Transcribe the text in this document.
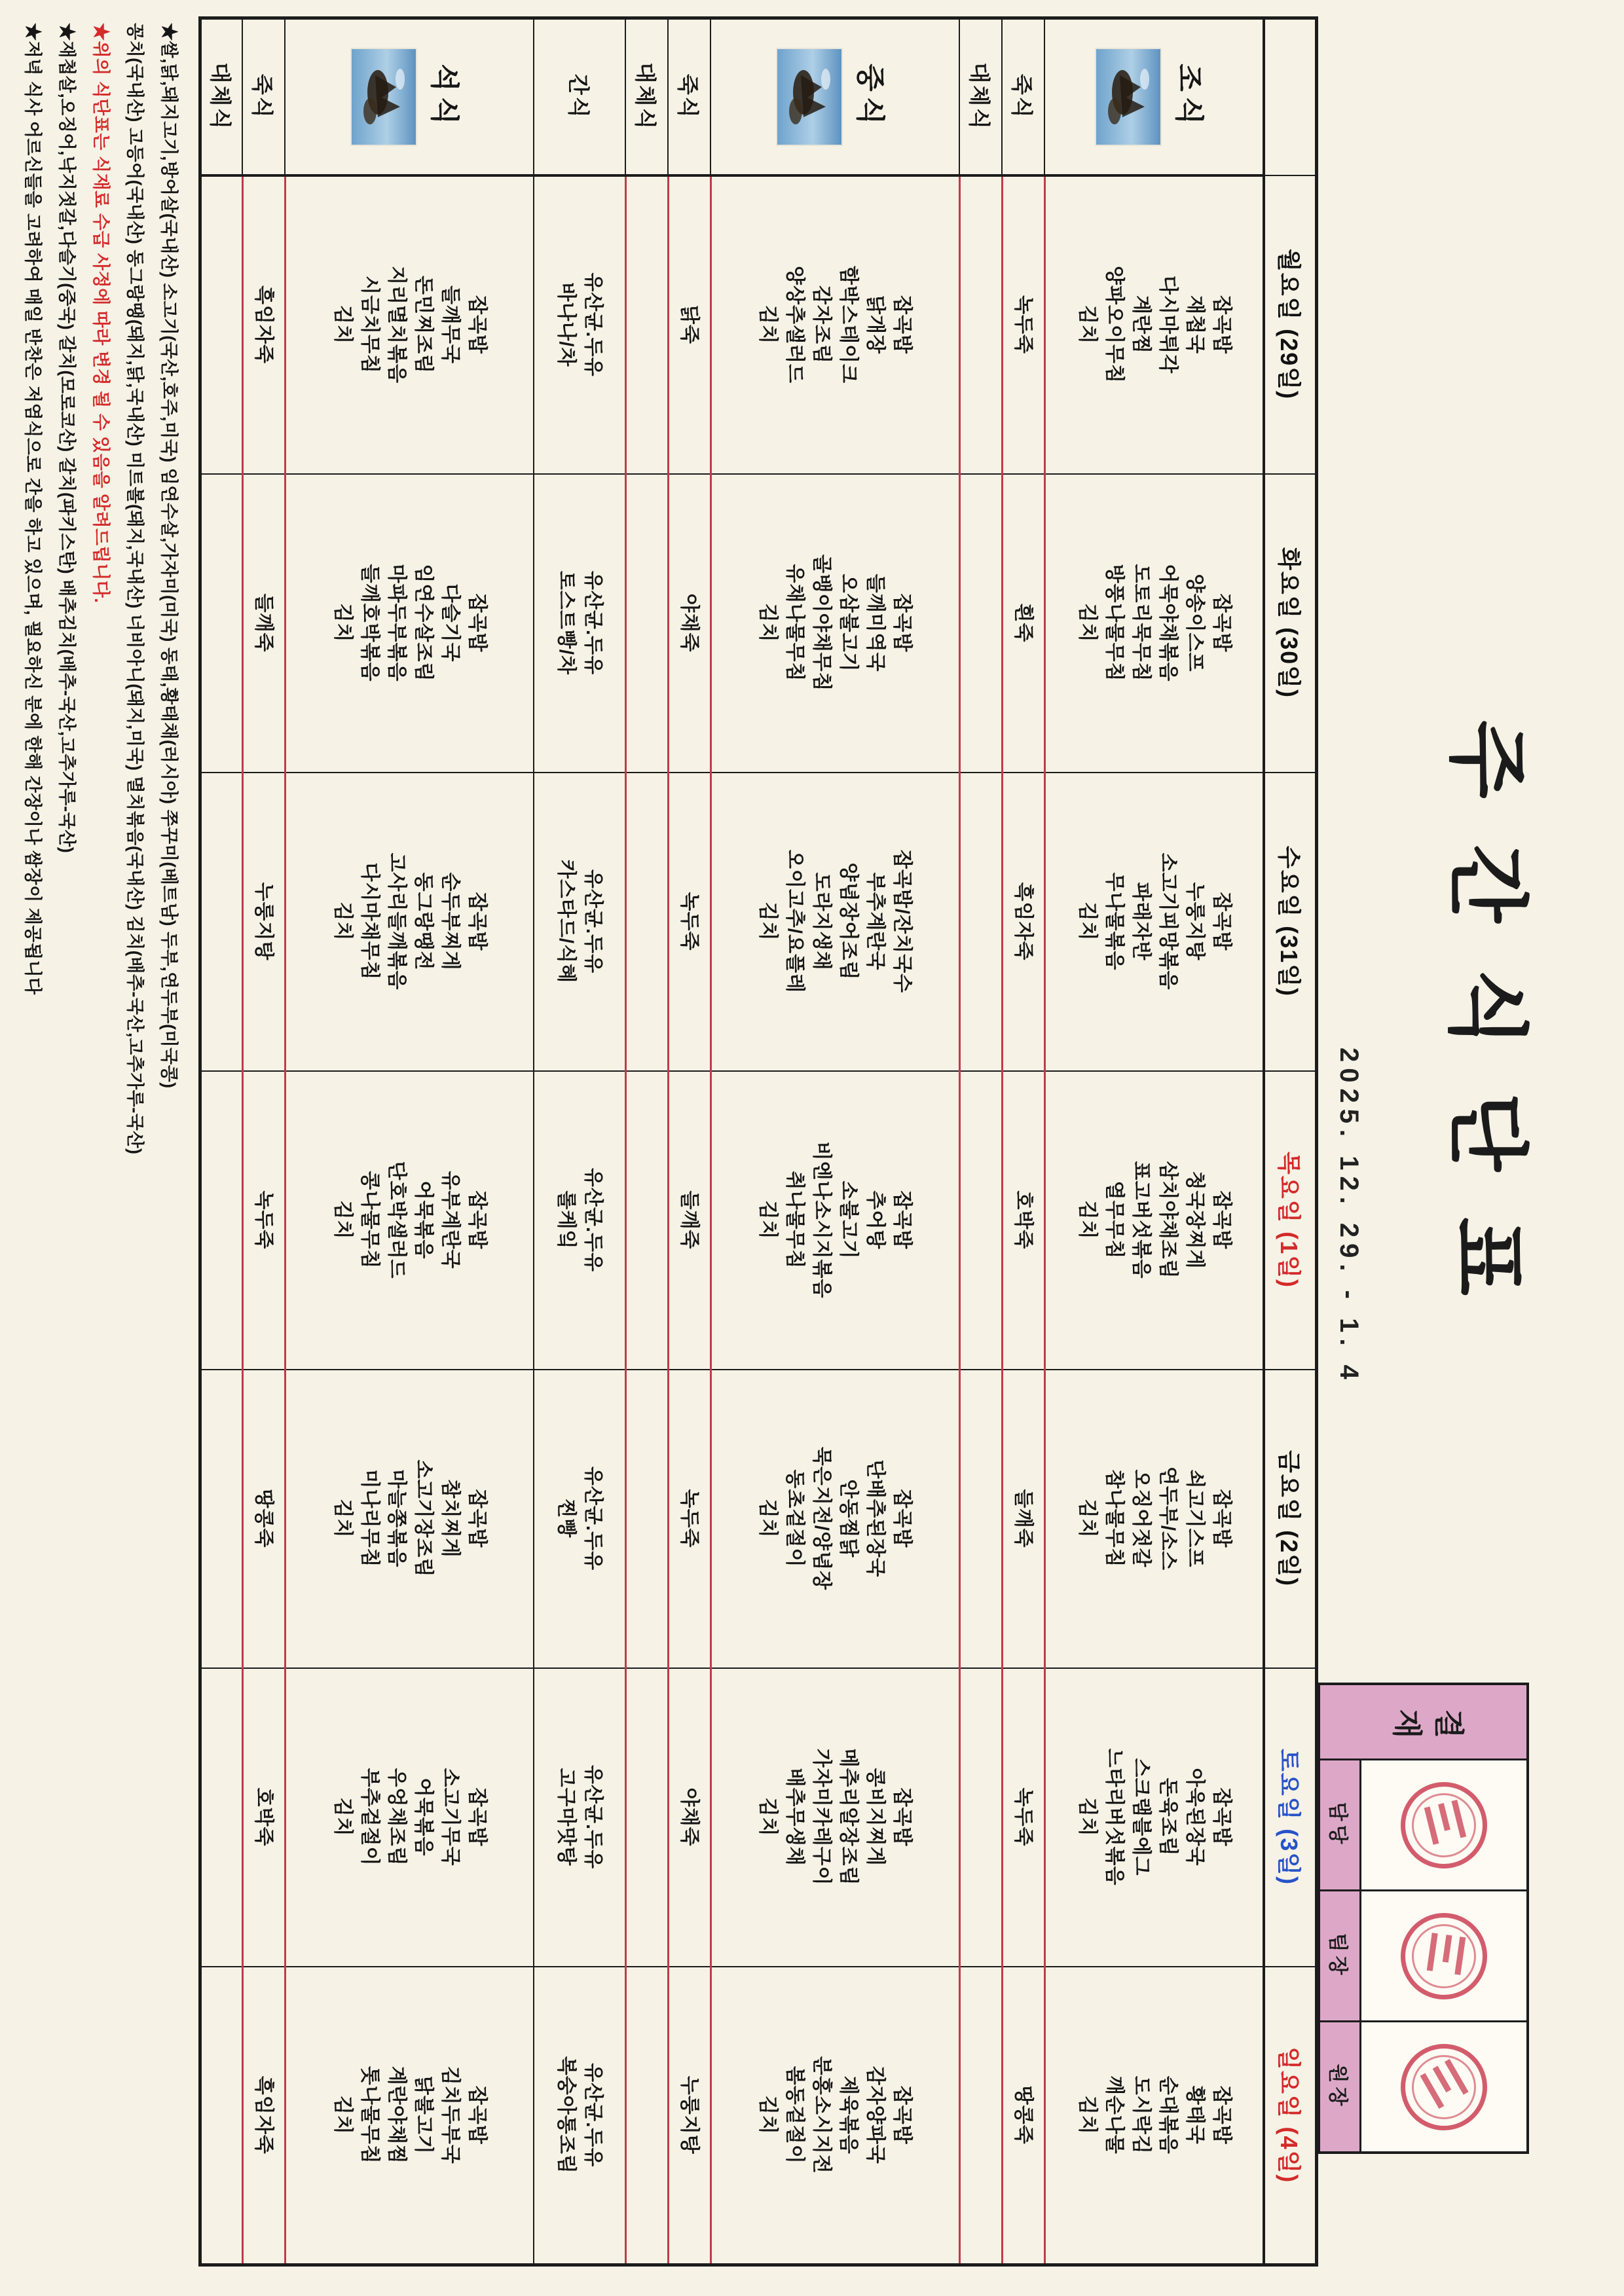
주간식단표
2025. 12. 29. - 1. 4
결재
담당
팀장
원장
	월요일 (29일)	화요일 (30일)	수요일 (31일)	목요일 (1일)	금요일 (2일)	토요일 (3일)	일요일 (4일)

조식

잡곡밥
재첩국
다시마튀각
계란찜
양파오이무침
김치

잡곡밥
양송이스프
어묵야채볶음
도토리묵무침
방풍나물무침
김치

잡곡밥
누룽지탕
소고기피망볶음
파래자반
무나물볶음
김치

잡곡밥
청국장찌게
삼치야채조림
표고버섯볶음
열무무침
김치

잡곡밥
쇠고기스프
연두부/소스
오징어젓갈
참나물무침
김치

잡곡밥
아욱된장국
돈육조림
스크램블에그
느타리버섯볶음
김치

잡곡밥
황태국
순대볶음
도시락김
깨순나물
김치

죽식	녹두죽	흰죽	흑임자죽	호박죽	들깨죽	녹두죽	땅콩죽

대체식							

중식

잡곡밥
닭개장
함박스테이크
감자조림
양상추샐러드
김치

잡곡밥
들깨미역국
오삼불고기
골뱅이야채무침
유채나물무침
김치

잡곡밥/잔치국수
부추계란국
양념장어조림
도라지생채
오이고추/요플레
김치

잡곡밥
추어탕
소불고기
비엔나소시지볶음
취나물무침
김치

잡곡밥
단배추된장국
안동찜닭
묵은지전/양념장
동초겉절이
김치

잡곡밥
콩비지찌게
메추리알장조림
가자미카레구이
배추무생채
김치

잡곡밥
감자양파국
제육볶음
분홍소시지전
봄동겉절이
김치

죽식	닭죽	야채죽	녹두죽	들깨죽	녹두죽	야채죽	누룽지탕

대체식							

간식

유산균.두유
바나나/차

유산균.두유
토스트빵/차

유산균.두유
카스타드/식혜

유산균.두유
롤케잌

유산균.두유
찐빵

유산균.두유
고구마맛탕

유산균.두유
복숭아통조림

석식

잡곡밥
들깨무국
돈민찌조림
지리멸치볶음
시금치무침
김치

잡곡밥
다슬기국
임연수살조림
마파두부볶음
들깨호박볶음
김치

잡곡밥
순두부찌게
동그랑땡전
고사리들깨볶음
다시마채무침
김치

잡곡밥
유부계란국
어묵볶음
단호박샐러드
콩나물무침
김치

잡곡밥
참치찌게
소고기장조림
마늘쫑볶음
미나리무침
김치

잡곡밥
소고기무국
어묵볶음
우엉채조림
부추겉절이
김치

잡곡밥
김치두부국
닭불고기
계란야채찜
톳나물무침
김치

죽식	흑임자죽	들깨죽	누룽지탕	녹두죽	땅콩죽	호박죽	흑임자죽

대체식							

★쌀,닭,돼지고기,방어살(국내산) 소고기(국산,호주,미국) 임연수살,가자미(미국) 동태,황태채(러시아) 쭈꾸미(베트남) 두부,연두부(미국콩)
꽁치(국내산) 고등어(국내산) 동그랑땡(돼지,닭,국내산) 미트볼(돼지,국내산) 너비아니(돼지,미국) 멸치볶음(국내산) 김치(배추-국산,고추가루-국산)
★위의 식단표는 식재료 수급 사정에 따라 변경 될 수 있음을 알려드립니다.
★재첩살,오징어,낙지젓갈,다슬기(중국) 갈치(모로코산) 갈치(파키스탄) 배추김치(배추-국산,고추가루-국산)
★저녁 식사 어르신들을 고려하여 매일 반찬은 저염식으로 간을 하고 있으며, 필요하신 분에 한해 간장이나 쌈장이 제공됩니다
